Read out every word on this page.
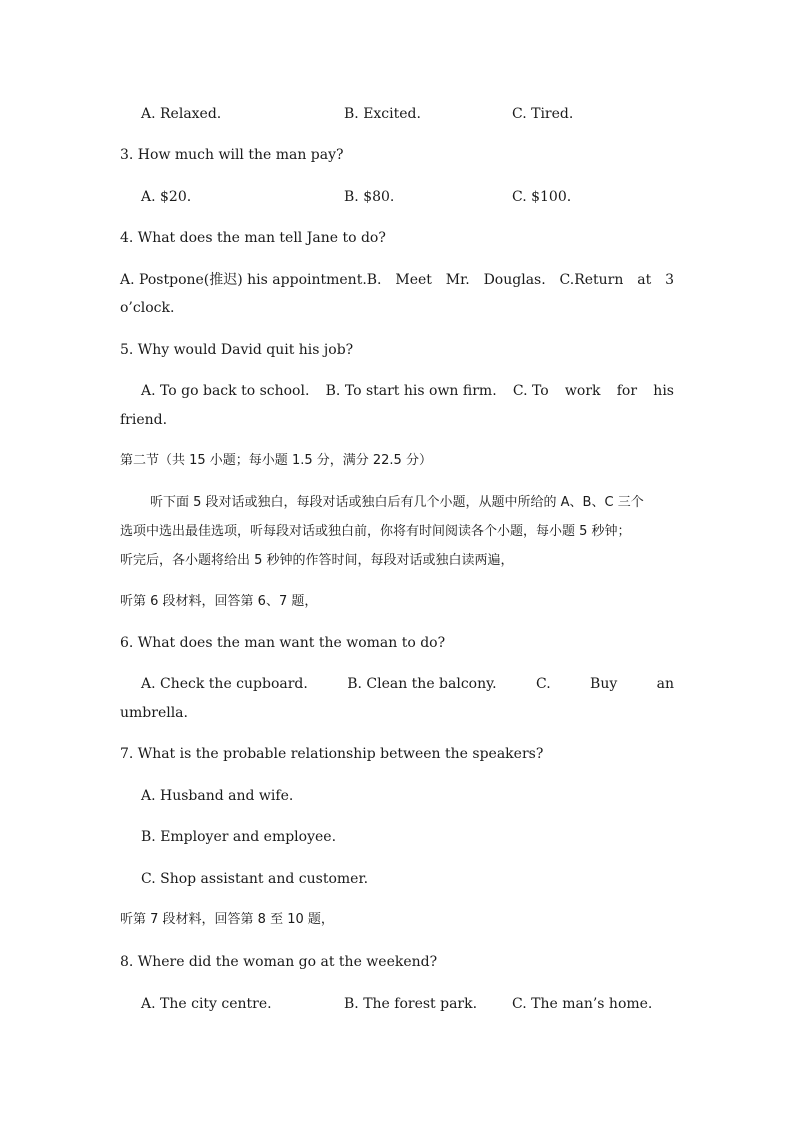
A. Relaxed.	B. Excited.	C. Tired.
3. How much will the man pay?
A. $20.	B. $80.	C. $100.
4. What does the man tell Jane to do?
A. Postpone(推迟) his appointment.B. Meet Mr. Douglas. C.Return at 3
o’clock.
5. Why would David quit his job?
A. To go back to school. B. To start his own firm. C. To work for his
friend.
第二节（共 15 小题；每小题 1.5 分，满分 22.5 分）
听下面 5 段对话或独白，每段对话或独白后有几个小题，从题中所给的 A、B、C 三个
选项中选出最佳选项，听每段对话或独白前，你将有时间阅读各个小题，每小题 5 秒钟；
听完后，各小题将给出 5 秒钟的作答时间，每段对话或独白读两遍，
听第 6 段材料，回答第 6、7 题，
6. What does the man want the woman to do?
A. Check the cupboard.	B. Clean the balcony.	C.	Buy	an
umbrella.
7. What is the probable relationship between the speakers?
A. Husband and wife.
B. Employer and employee.
C. Shop assistant and customer.
听第 7 段材料，回答第 8 至 10 题，
8. Where did the woman go at the weekend?
A. The city centre.	B. The forest park. C. The man’s home.
